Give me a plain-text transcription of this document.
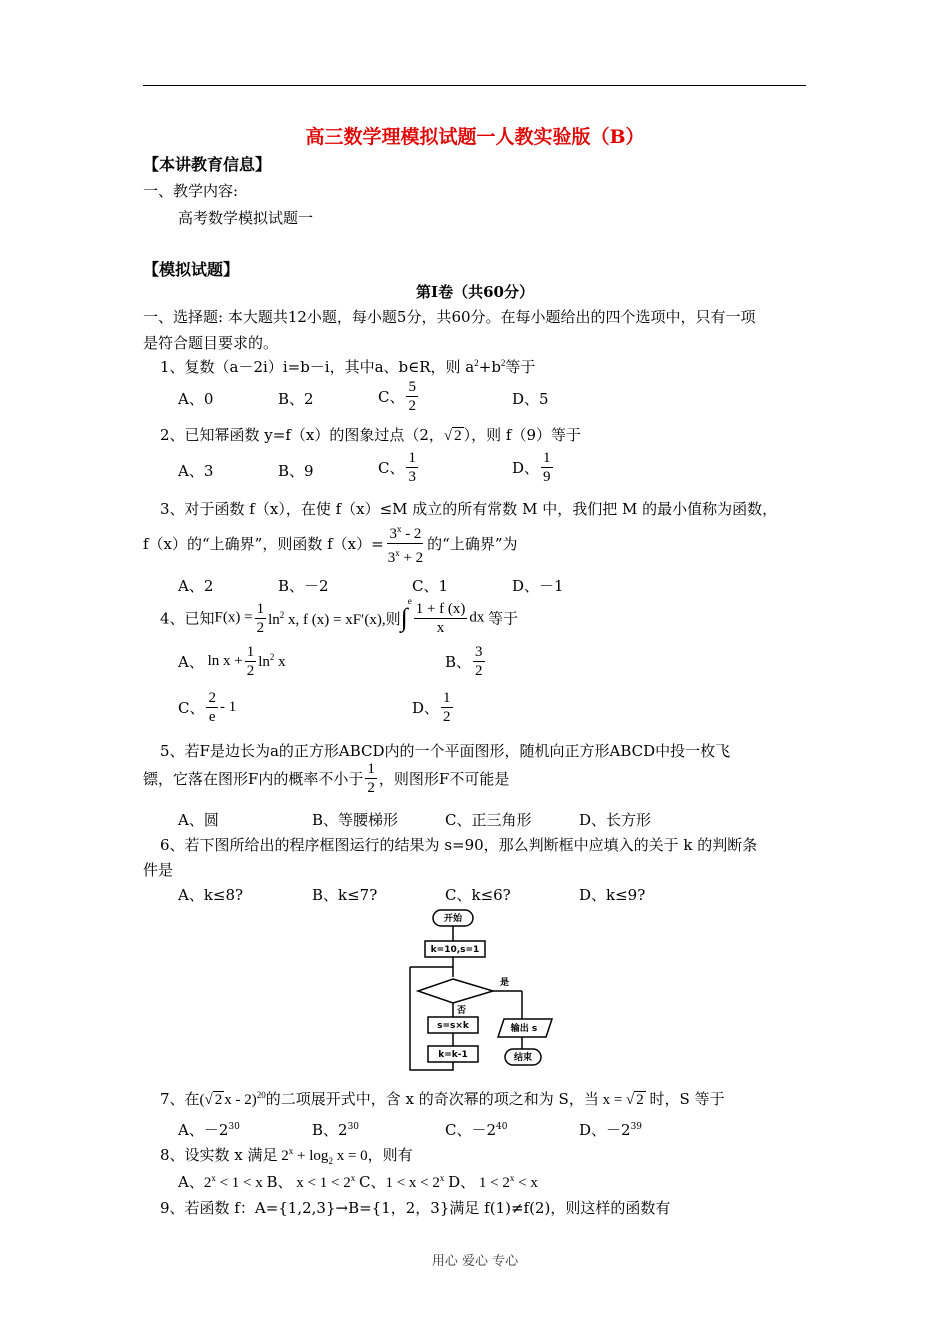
高三数学理模拟试题一人教实验版（B）
【本讲教育信息】
一、教学内容:
高考数学模拟试题一
【模拟试题】
第Ⅰ卷（共60分）
一、选择题: 本大题共12小题，每小题5分，共60分。在每小题给出的四个选项中，只有一项
是符合题目要求的。
1、复数（a－2i）i=b－i，其中a、b∈R，则 $a^2+b^2$等于
A、0	B、2	C、 $\frac{5}{2}$	D、5
2、已知幂函数 y=f（x）的图象过点（2，√ 2 ），则 f（9）等于
A、3	B、9	C、 $\frac{1}{3}$	D、 $\frac{1}{9}$
3、对于函数 f（x），在使 f（x）≤M 成立的所有常数 M 中，我们把 M 的最小值称为函数，
f（x）的“上确界”，则函数 $f(x)= \frac{3^x - 2}{3^x + 2}$ 的“上确界”为
A、2	B、－2	C、1	D、－1
4、已知$F(x) = \frac{1}{2} \ln^2 x$, f (x) = xF′(x),则$\int^e \frac{1 + f (x)}{x}$ dx 等于
A、 $\ln x + \frac{1}{2} \ln^2 x$	B、 $\frac{3}{2}$
C、 $\frac{2}{e} - 1$	D、 $\frac{1}{2}$
5、若F是边长为a的正方形ABCD内的一个平面图形，随机向正方形ABCD中投一枚飞
镖，它落在图形F内的概率不小于 $\frac{1}{2}$ ，则图形F不可能是
A、圆	B、等腰梯形	C、正三角形	D、长方形
6、若下图所给出的程序框图运行的结果为 s=90，那么判断框中应填入的关于 k 的判断条
件是
A、k≤8?	B、k≤7?	C、k≤6?	D、k≤9?
开始
k=10,s=1
是
否
s=s×k	输出 s
k=k-1	结束
7、在(√ 2 x - 2)$^{20}$的二项展开式中，含 x 的奇次幂的项之和为 S，当 x = √ 2 时，S 等于
A、$-2^{30}$	B、$2^{30}$	C、$-2^{40}$	D、$-2^{39}$
8、设实数 x 满足 $2^x + \log_2 x = 0$，则有
A、$2^x < 1 < x$ B、 $x < 1 < 2^x$ C、$1 < x < 2^x$ D、 $1 < 2^x < x$
9、若函数 f：A={1,2,3}→B={1，2，3}满足 f(1)≠f(2)，则这样的函数有
用心 爱心 专心
